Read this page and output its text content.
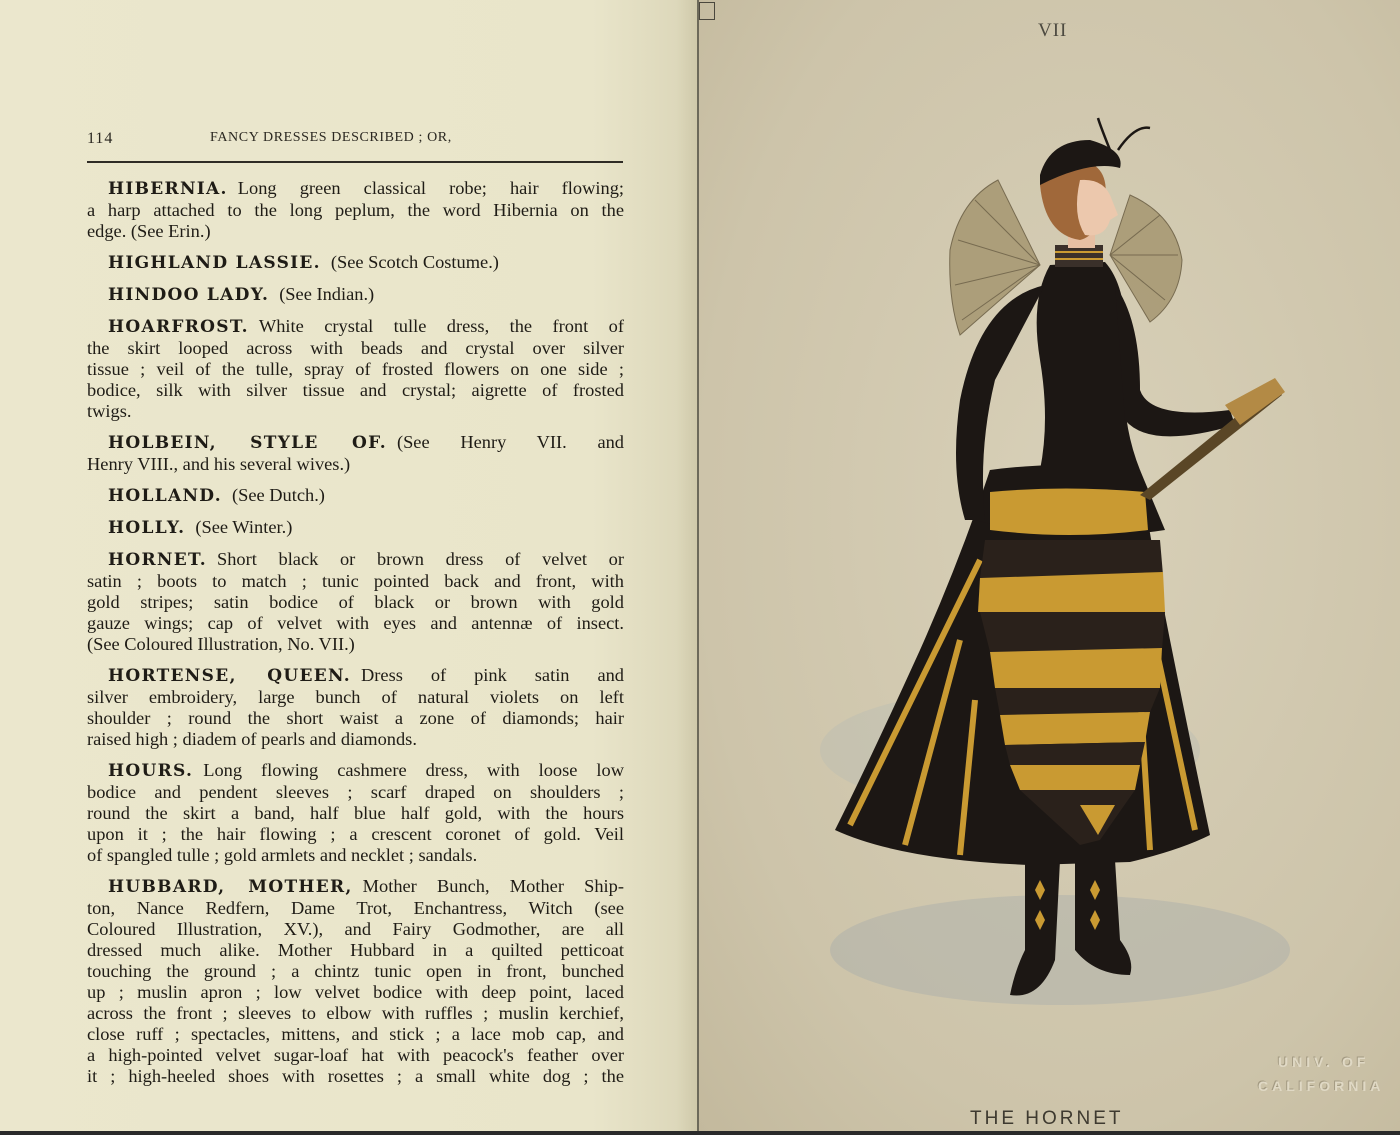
114	FANCY DRESSES DESCRIBED ; OR,
HIBERNIA. Long green classical robe; hair flowing;
a harp attached to the long peplum, the word Hibernia on the
edge. (See Erin.)
HIGHLAND LASSIE. (See Scotch Costume.)
HINDOO LADY. (See Indian.)
HOARFROST. White crystal tulle dress, the front of
the skirt looped across with beads and crystal over silver
tissue ; veil of the tulle, spray of frosted flowers on one side ;
bodice, silk with silver tissue and crystal; aigrette of frosted
twigs.
HOLBEIN, STYLE OF. (See Henry VII. and
Henry VIII., and his several wives.)
HOLLAND. (See Dutch.)
HOLLY. (See Winter.)
HORNET. Short black or brown dress of velvet or
satin ; boots to match ; tunic pointed back and front, with
gold stripes; satin bodice of black or brown with gold
gauze wings; cap of velvet with eyes and antennæ of insect.
(See Coloured Illustration, No. VII.)
HORTENSE, QUEEN. Dress of pink satin and
silver embroidery, large bunch of natural violets on left
shoulder ; round the short waist a zone of diamonds; hair
raised high ; diadem of pearls and diamonds.
HOURS. Long flowing cashmere dress, with loose low
bodice and pendent sleeves ; scarf draped on shoulders ;
round the skirt a band, half blue half gold, with the hours
upon it ; the hair flowing ; a crescent coronet of gold. Veil
of spangled tulle ; gold armlets and necklet ; sandals.
HUBBARD, MOTHER, Mother Bunch, Mother Ship-
ton, Nance Redfern, Dame Trot, Enchantress, Witch (see
Coloured Illustration, XV.), and Fairy Godmother, are all
dressed much alike. Mother Hubbard in a quilted petticoat
touching the ground ; a chintz tunic open in front, bunched
up ; muslin apron ; low velvet bodice with deep point, laced
across the front ; sleeves to elbow with ruffles ; muslin kerchief,
close ruff ; spectacles, mittens, and stick ; a lace mob cap, and
a high-pointed velvet sugar-loaf hat with peacock's feather over
it ; high-heeled shoes with rosettes ; a small white dog ; the
VII
UNIV. OF
CALIFORNIA
THE HORNET
